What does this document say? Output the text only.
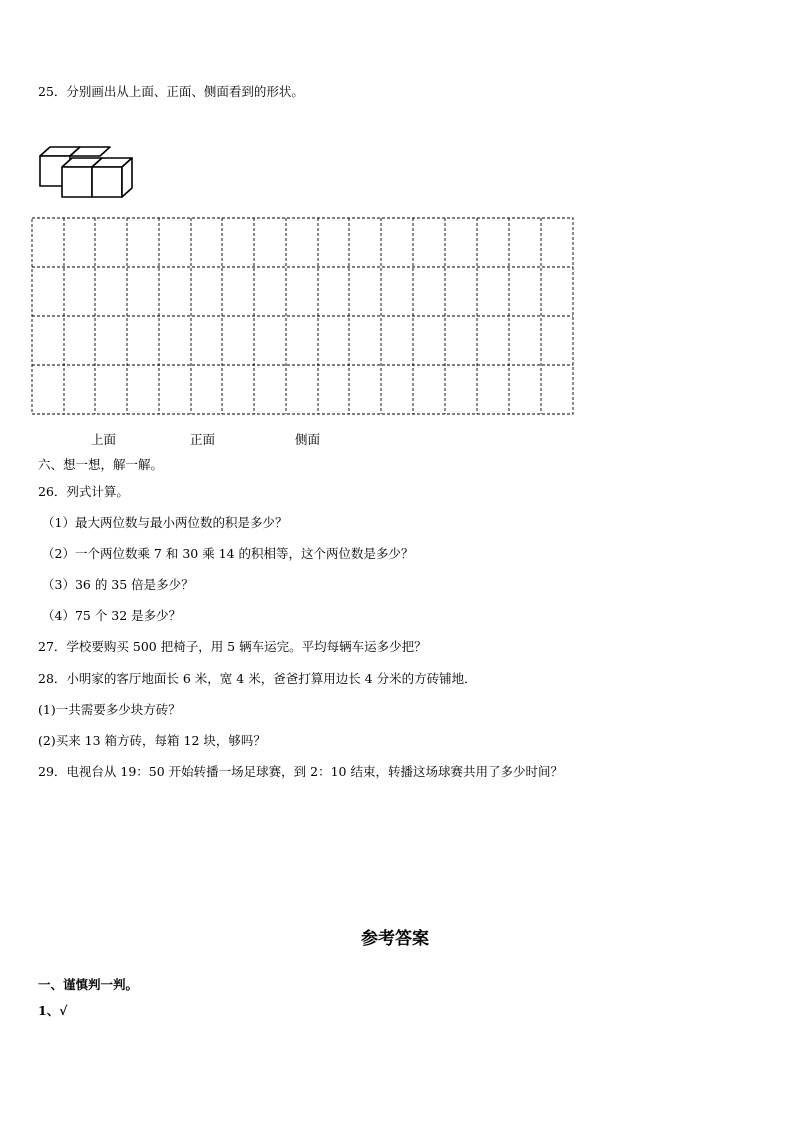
25．分别画出从上面、正面、侧面看到的形状。
上面	正面	侧面
六、想一想，解一解。
26．列式计算。
（1）最大两位数与最小两位数的积是多少？
（2）一个两位数乘 7 和 30 乘 14 的积相等，这个两位数是多少？
（3）36 的 35 倍是多少？
（4）75 个 32 是多少？
27．学校要购买 500 把椅子，用 5 辆车运完。平均每辆车运多少把？
28．小明家的客厅地面长 6 米，宽 4 米，爸爸打算用边长 4 分米的方砖铺地．
(1)一共需要多少块方砖？
(2)买来 13 箱方砖，每箱 12 块，够吗？
29．电视台从 19：50 开始转播一场足球赛，到 2：10 结束，转播这场球赛共用了多少时间？
参考答案
一、谨慎判一判。
1、√
